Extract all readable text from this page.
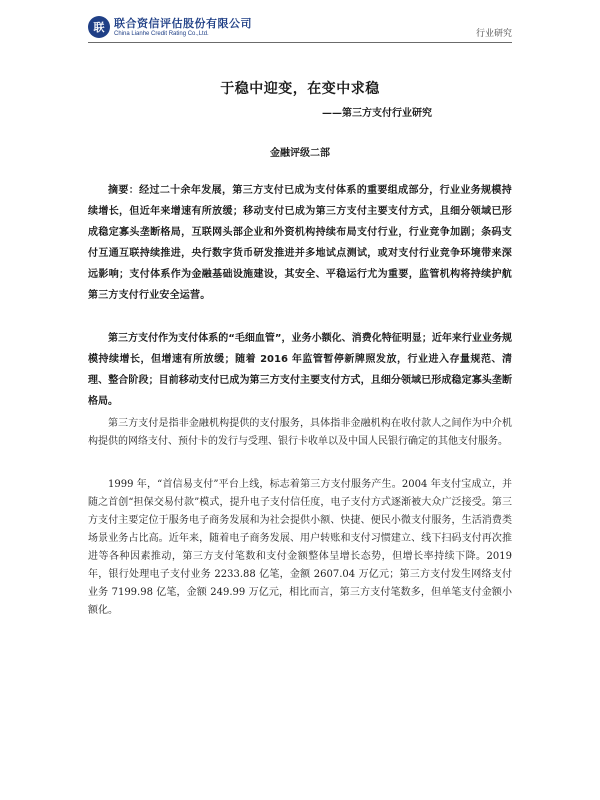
联 联合资信评估股份有限公司
China Lianhe Credit Rating Co.,Ltd.	行业研究
于稳中迎变，在变中求稳
——第三方支付行业研究
金融评级二部
摘要：经过二十余年发展，第三方支付已成为支付体系的重要组成部分，行业业务规模持续增长，但近年来增速有所放缓；移动支付已成为第三方支付主要支付方式，且细分领域已形成稳定寡头垄断格局，互联网头部企业和外资机构持续布局支付行业，行业竞争加剧；条码支付互通互联持续推进，央行数字货币研发推进并多地试点测试，或对支付行业竞争环境带来深远影响；支付体系作为金融基础设施建设，其安全、平稳运行尤为重要，监管机构将持续护航第三方支付行业安全运营。
第三方支付作为支付体系的“毛细血管”，业务小额化、消费化特征明显；近年来行业业务规模持续增长，但增速有所放缓；随着 2016 年监管暂停新牌照发放，行业进入存量规范、清理、整合阶段；目前移动支付已成为第三方支付主要支付方式，且细分领域已形成稳定寡头垄断格局。
第三方支付是指非金融机构提供的支付服务，具体指非金融机构在收付款人之间作为中介机构提供的网络支付、预付卡的发行与受理、银行卡收单以及中国人民银行确定的其他支付服务。
1999 年，“首信易支付”平台上线，标志着第三方支付服务产生。2004 年支付宝成立，并随之首创“担保交易付款”模式，提升电子支付信任度，电子支付方式逐渐被大众广泛接受。第三方支付主要定位于服务电子商务发展和为社会提供小额、快捷、便民小微支付服务，生活消费类场景业务占比高。近年来，随着电子商务发展、用户转账和支付习惯建立、线下扫码支付再次推进等各种因素推动，第三方支付笔数和支付金额整体呈增长态势，但增长率持续下降。2019 年，银行处理电子支付业务 2233.88 亿笔，金额 2607.04 万亿元；第三方支付发生网络支付业务 7199.98 亿笔，金额 249.99 万亿元，相比而言，第三方支付笔数多，但单笔支付金额小额化。
